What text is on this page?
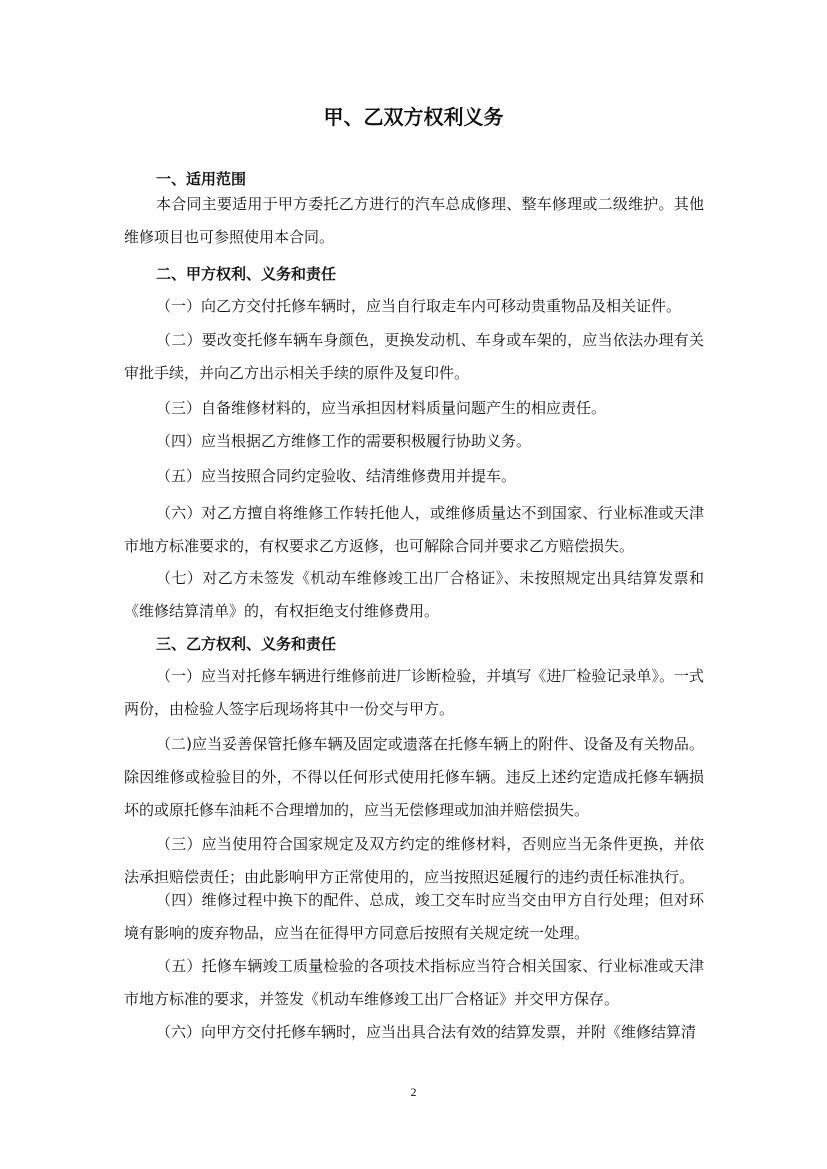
甲、乙双方权利义务
一、适用范围

本合同主要适用于甲方委托乙方进行的汽车总成修理、整车修理或二级维护。其他维修项目也可参照使用本合同。

二、甲方权利、义务和责任

（一）向乙方交付托修车辆时，应当自行取走车内可移动贵重物品及相关证件。

（二）要改变托修车辆车身颜色，更换发动机、车身或车架的，应当依法办理有关审批手续，并向乙方出示相关手续的原件及复印件。

（三）自备维修材料的，应当承担因材料质量问题产生的相应责任。

（四）应当根据乙方维修工作的需要积极履行协助义务。

（五）应当按照合同约定验收、结清维修费用并提车。

（六）对乙方擅自将维修工作转托他人，或维修质量达不到国家、行业标准或天津市地方标准要求的，有权要求乙方返修，也可解除合同并要求乙方赔偿损失。

（七）对乙方未签发《机动车维修竣工出厂合格证》、未按照规定出具结算发票和《维修结算清单》的，有权拒绝支付维修费用。

三、乙方权利、义务和责任

（一）应当对托修车辆进行维修前进厂诊断检验，并填写《进厂检验记录单》。一式两份，由检验人签字后现场将其中一份交与甲方。

（二)应当妥善保管托修车辆及固定或遗落在托修车辆上的附件、设备及有关物品。除因维修或检验目的外，不得以任何形式使用托修车辆。违反上述约定造成托修车辆损坏的或原托修车油耗不合理增加的，应当无偿修理或加油并赔偿损失。

（三）应当使用符合国家规定及双方约定的维修材料，否则应当无条件更换，并依法承担赔偿责任；由此影响甲方正常使用的，应当按照迟延履行的违约责任标准执行。

（四）维修过程中换下的配件、总成，竣工交车时应当交由甲方自行处理；但对环境有影响的废弃物品，应当在征得甲方同意后按照有关规定统一处理。

（五）托修车辆竣工质量检验的各项技术指标应当符合相关国家、行业标准或天津市地方标准的要求，并签发《机动车维修竣工出厂合格证》并交甲方保存。

（六）向甲方交付托修车辆时，应当出具合法有效的结算发票，并附《维修结算清

2
